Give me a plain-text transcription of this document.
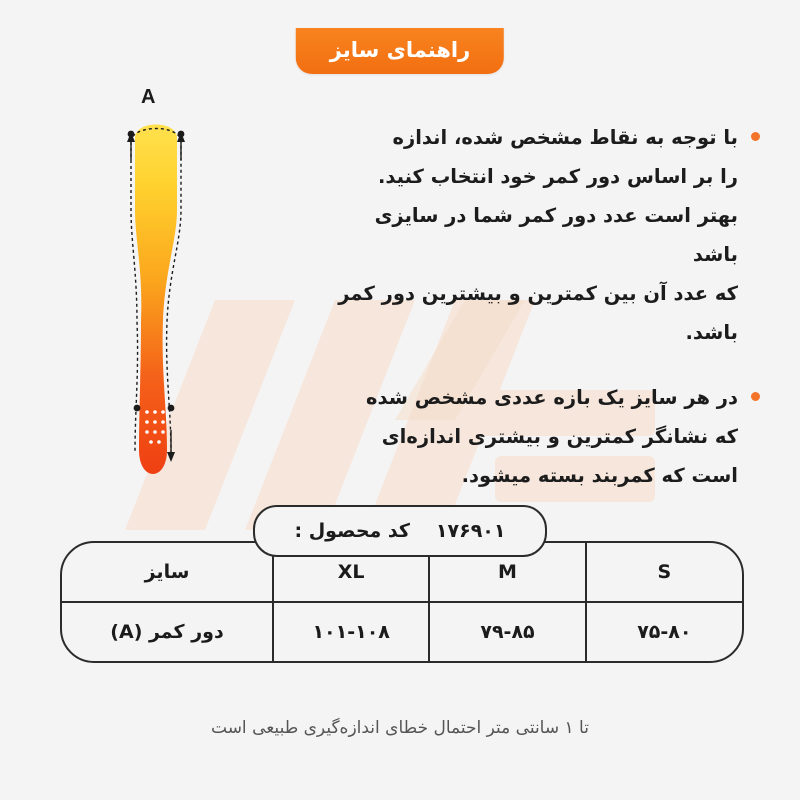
راهنمای سایز
A
با توجه به نقاط مشخص شده، اندازه
را بر اساس دور کمر خود انتخاب کنید.
بهتر است عدد دور کمر شما در سایزی باشد
که عدد آن بین کمترین و بیشترین دور کمر
باشد.
در هر سایز یک بازه عددی مشخص شده
که نشانگر کمترین و بیشتری اندازه‌ای
است که کمربند بسته میشود.
۱۷۶۹۰۱
کد محصول :
S	M	XL	سایز
۷۵-۸۰	۷۹-۸۵	۱۰۱-۱۰۸	دور کمر (A)
تا ۱ سانتی متر احتمال خطای اندازه‌گیری طبیعی است
